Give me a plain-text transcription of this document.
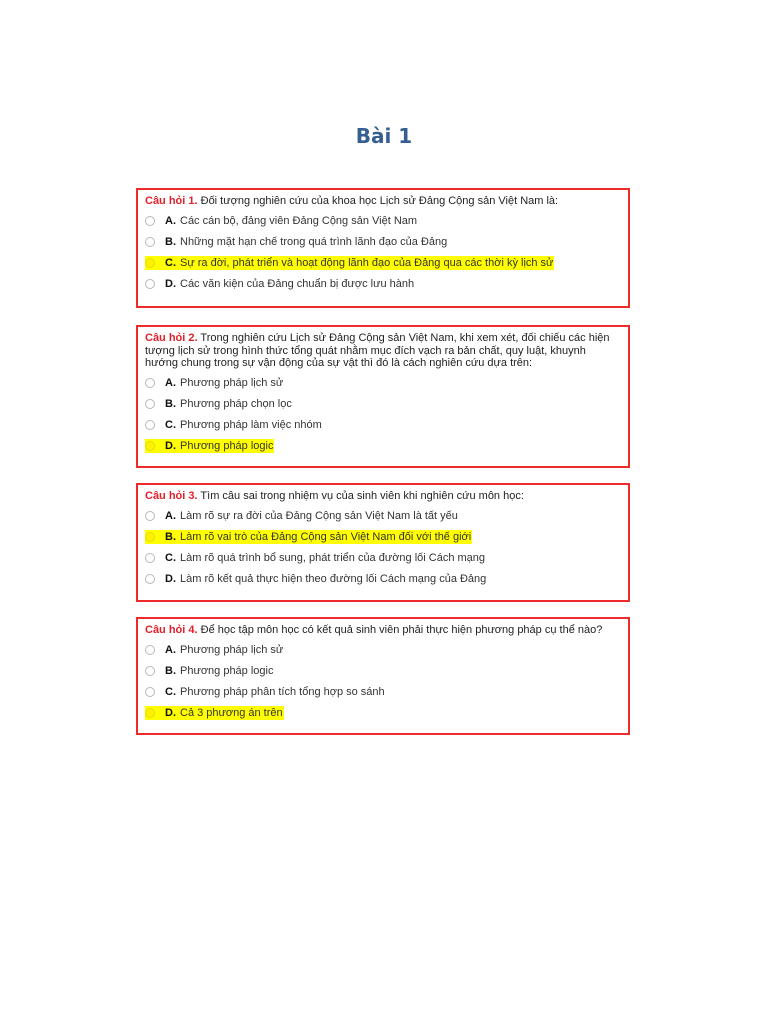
Bài 1
Câu hỏi 1. Đối tượng nghiên cứu của khoa học Lịch sử Đảng Cộng sản Việt Nam là:
A. Các cán bộ, đảng viên Đảng Cộng sản Việt Nam
B. Những mặt hạn chế trong quá trình lãnh đạo của Đảng
C. Sự ra đời, phát triển và hoạt động lãnh đạo của Đảng qua các thời kỳ lịch sử
D. Các văn kiện của Đảng chuẩn bị được lưu hành
Câu hỏi 2. Trong nghiên cứu Lịch sử Đảng Cộng sản Việt Nam, khi xem xét, đối chiếu các hiện tượng lịch sử trong hình thức tổng quát nhằm mục đích vạch ra bản chất, quy luật, khuynh hướng chung trong sự vận động của sự vật thì đó là cách nghiên cứu dựa trên:
A. Phương pháp lịch sử
B. Phương pháp chọn lọc
C. Phương pháp làm việc nhóm
D. Phương pháp logic
Câu hỏi 3. Tìm câu sai trong nhiệm vụ của sinh viên khi nghiên cứu môn học:
A. Làm rõ sự ra đời của Đảng Cộng sản Việt Nam là tất yếu
B. Làm rõ vai trò của Đảng Cộng sản Việt Nam đối với thế giới
C. Làm rõ quá trình bổ sung, phát triển của đường lối Cách mạng
D. Làm rõ kết quả thực hiện theo đường lối Cách mạng của Đảng
Câu hỏi 4. Để học tập môn học có kết quả sinh viên phải thực hiện phương pháp cụ thể nào?
A. Phương pháp lịch sử
B. Phương pháp logic
C. Phương pháp phân tích tổng hợp so sánh
D. Cả 3 phương án trên
